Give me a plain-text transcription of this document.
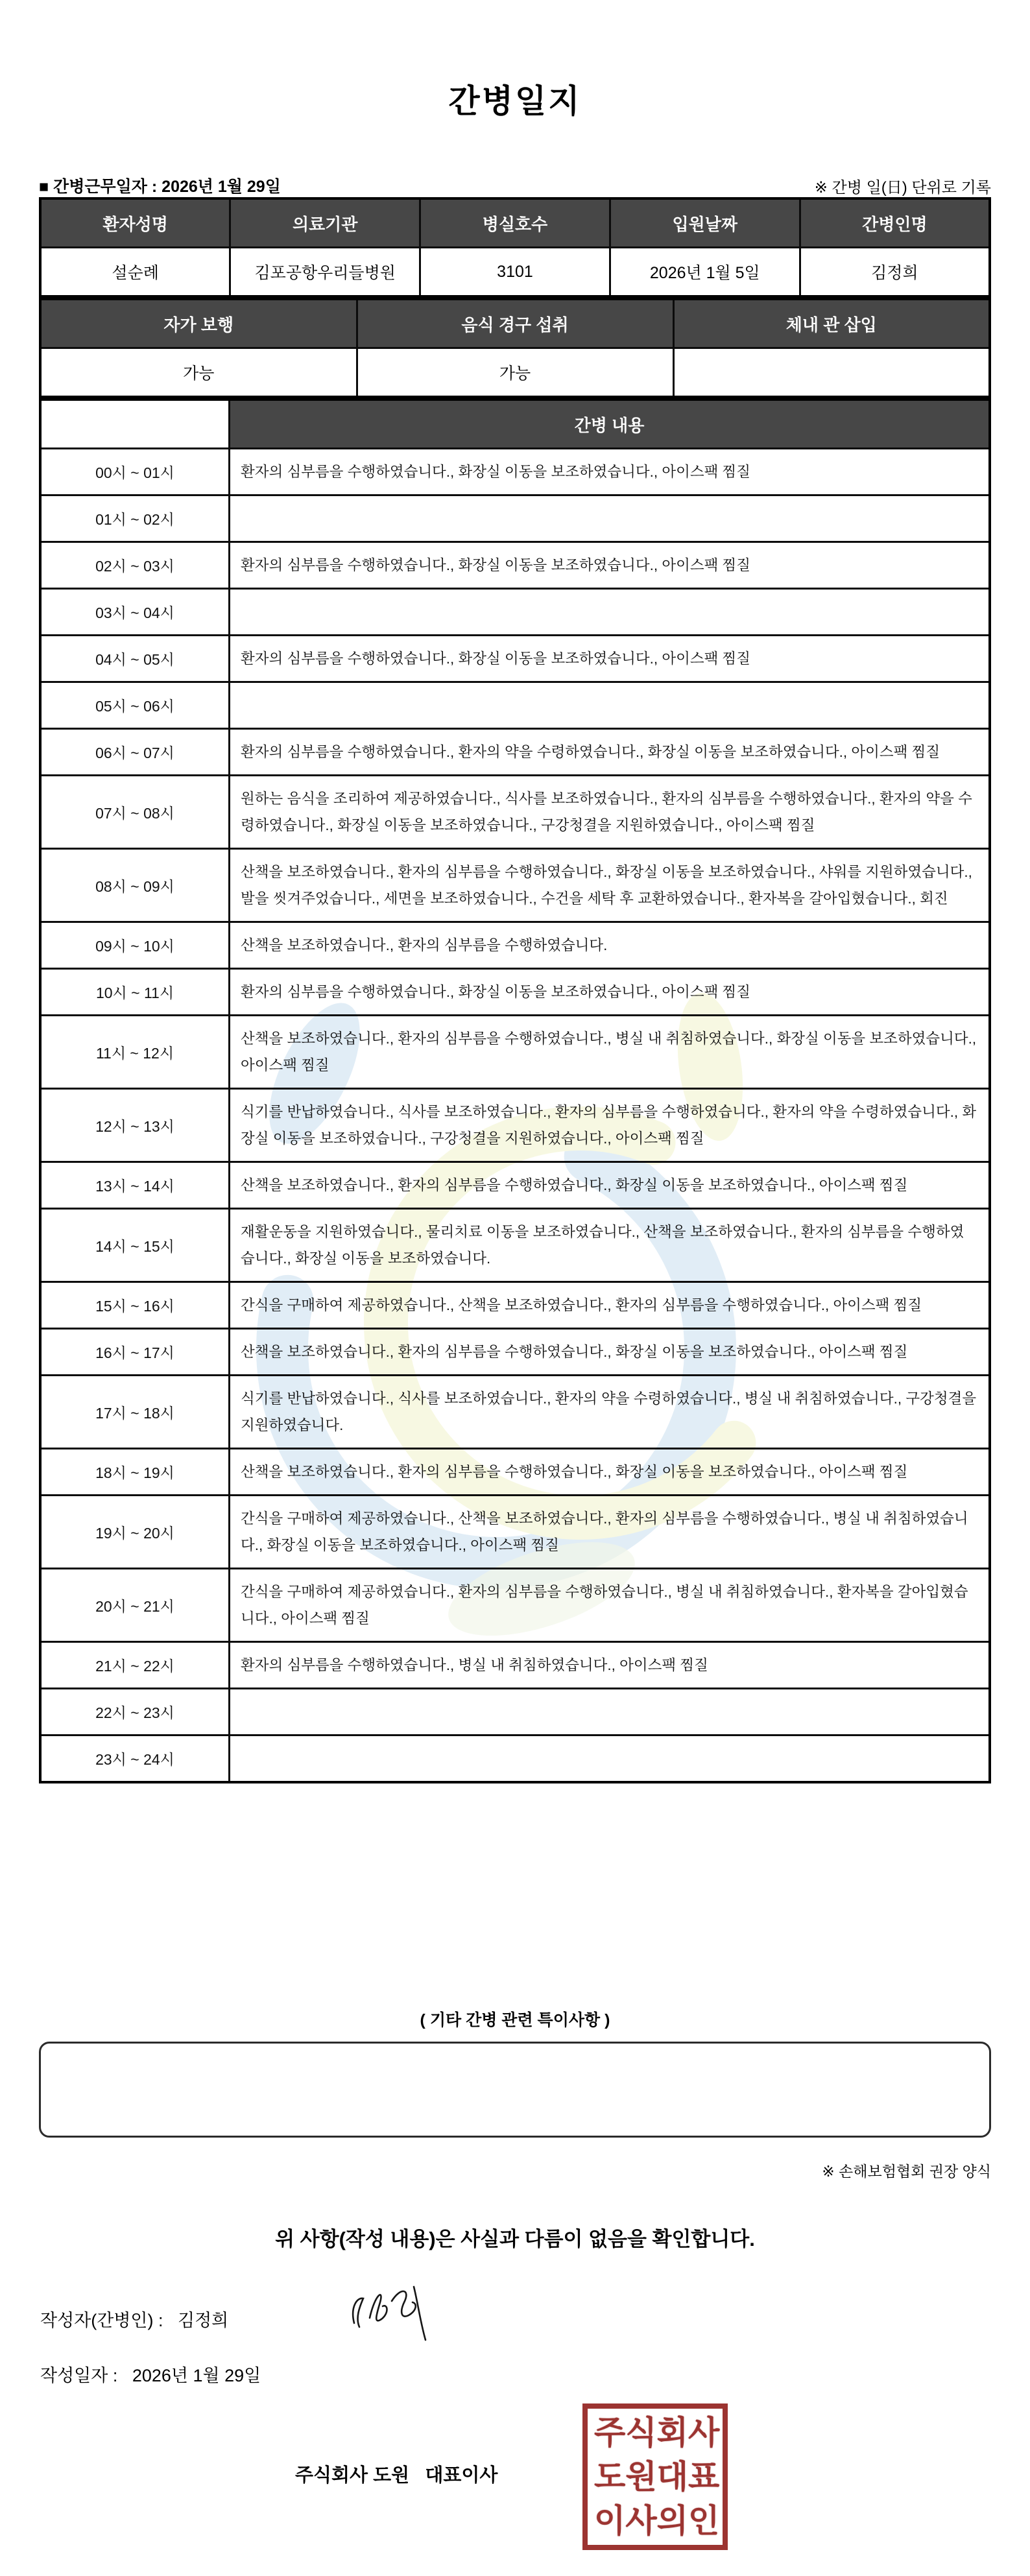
간병일지
■ 간병근무일자 : 2026년 1월 29일	※ 간병 일(日) 단위로 기록
환자성명	의료기관	병실호수	입원날짜	간병인명
설순례	김포공항우리들병원	3101	2026년 1월 5일	김정희
자가 보행	음식 경구 섭취	체내 관 삽입
가능	가능	
시간	간병 내용
00시 ~ 01시	환자의 심부름을 수행하였습니다., 화장실 이동을 보조하였습니다., 아이스팩 찜질
01시 ~ 02시	
02시 ~ 03시	환자의 심부름을 수행하였습니다., 화장실 이동을 보조하였습니다., 아이스팩 찜질
03시 ~ 04시	
04시 ~ 05시	환자의 심부름을 수행하였습니다., 화장실 이동을 보조하였습니다., 아이스팩 찜질
05시 ~ 06시	
06시 ~ 07시	환자의 심부름을 수행하였습니다., 환자의 약을 수령하였습니다., 화장실 이동을 보조하였습니다., 아이스팩 찜질
07시 ~ 08시	원하는 음식을 조리하여 제공하였습니다., 식사를 보조하였습니다., 환자의 심부름을 수행하였습니다., 환자의 약을 수령하였습니다., 화장실 이동을 보조하였습니다., 구강청결을 지원하였습니다., 아이스팩 찜질
08시 ~ 09시	산책을 보조하였습니다., 환자의 심부름을 수행하였습니다., 화장실 이동을 보조하였습니다., 샤워를 지원하였습니다., 발을 씻겨주었습니다., 세면을 보조하였습니다., 수건을 세탁 후 교환하였습니다., 환자복을 갈아입혔습니다., 회진
09시 ~ 10시	산책을 보조하였습니다., 환자의 심부름을 수행하였습니다.
10시 ~ 11시	환자의 심부름을 수행하였습니다., 화장실 이동을 보조하였습니다., 아이스팩 찜질
11시 ~ 12시	산책을 보조하였습니다., 환자의 심부름을 수행하였습니다., 병실 내 취침하였습니다., 화장실 이동을 보조하였습니다., 아이스팩 찜질
12시 ~ 13시	식기를 반납하였습니다., 식사를 보조하였습니다., 환자의 심부름을 수행하였습니다., 환자의 약을 수령하였습니다., 화장실 이동을 보조하였습니다., 구강청결을 지원하였습니다., 아이스팩 찜질
13시 ~ 14시	산책을 보조하였습니다., 환자의 심부름을 수행하였습니다., 화장실 이동을 보조하였습니다., 아이스팩 찜질
14시 ~ 15시	재활운동을 지원하였습니다., 물리치료 이동을 보조하였습니다., 산책을 보조하였습니다., 환자의 심부름을 수행하였습니다., 화장실 이동을 보조하였습니다.
15시 ~ 16시	간식을 구매하여 제공하였습니다., 산책을 보조하였습니다., 환자의 심부름을 수행하였습니다., 아이스팩 찜질
16시 ~ 17시	산책을 보조하였습니다., 환자의 심부름을 수행하였습니다., 화장실 이동을 보조하였습니다., 아이스팩 찜질
17시 ~ 18시	식기를 반납하였습니다., 식사를 보조하였습니다., 환자의 약을 수령하였습니다., 병실 내 취침하였습니다., 구강청결을 지원하였습니다.
18시 ~ 19시	산책을 보조하였습니다., 환자의 심부름을 수행하였습니다., 화장실 이동을 보조하였습니다., 아이스팩 찜질
19시 ~ 20시	간식을 구매하여 제공하였습니다., 산책을 보조하였습니다., 환자의 심부름을 수행하였습니다., 병실 내 취침하였습니다., 화장실 이동을 보조하였습니다., 아이스팩 찜질
20시 ~ 21시	간식을 구매하여 제공하였습니다., 환자의 심부름을 수행하였습니다., 병실 내 취침하였습니다., 환자복을 갈아입혔습니다., 아이스팩 찜질
21시 ~ 22시	환자의 심부름을 수행하였습니다., 병실 내 취침하였습니다., 아이스팩 찜질
22시 ~ 23시	
23시 ~ 24시	
( 기타 간병 관련 특이사항 )
※ 손해보험협회 권장 양식
위 사항(작성 내용)은 사실과 다름이 없음을 확인합니다.
작성자(간병인) : 김정희
작성일자 : 2026년 1월 29일
주식회사 도원   대표이사
주 식 회 사
도 원 대 표
이 사 의 인
